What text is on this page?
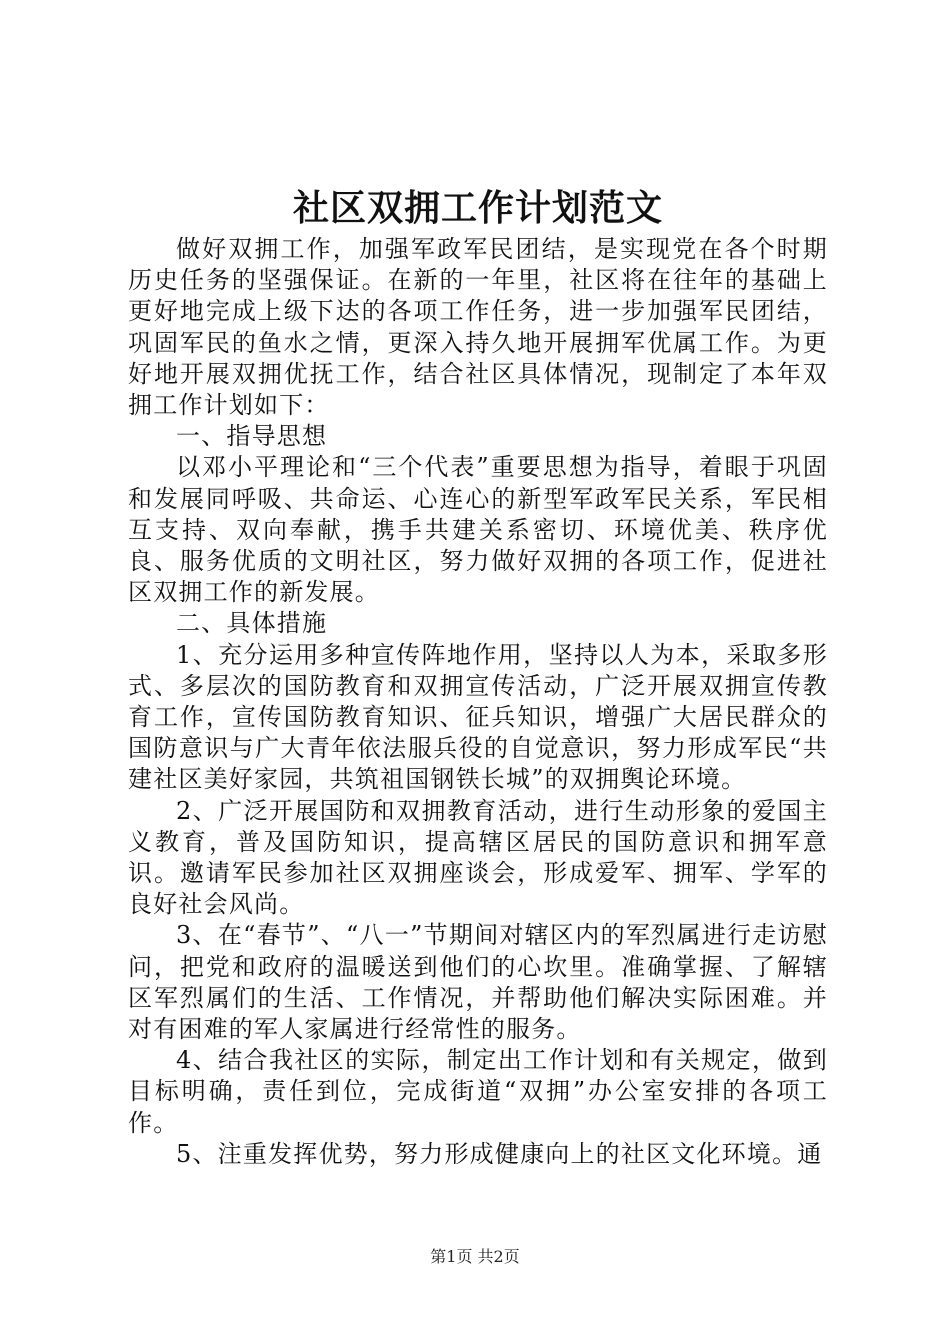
社区双拥工作计划范文

做好双拥工作，加强军政军民团结，是实现党在各个时期历史任务的坚强保证。在新的一年里，社区将在往年的基础上更好地完成上级下达的各项工作任务，进一步加强军民团结，巩固军民的鱼水之情，更深入持久地开展拥军优属工作。为更好地开展双拥优抚工作，结合社区具体情况，现制定了本年双拥工作计划如下：

一、指导思想

以邓小平理论和“三个代表”重要思想为指导，着眼于巩固和发展同呼吸、共命运、心连心的新型军政军民关系，军民相互支持、双向奉献，携手共建关系密切、环境优美、秩序优良、服务优质的文明社区，努力做好双拥的各项工作，促进社区双拥工作的新发展。

二、具体措施

1、充分运用多种宣传阵地作用，坚持以人为本，采取多形式、多层次的国防教育和双拥宣传活动，广泛开展双拥宣传教育工作，宣传国防教育知识、征兵知识，增强广大居民群众的国防意识与广大青年依法服兵役的自觉意识，努力形成军民“共建社区美好家园，共筑祖国钢铁长城”的双拥舆论环境。

2、广泛开展国防和双拥教育活动，进行生动形象的爱国主义教育，普及国防知识，提高辖区居民的国防意识和拥军意识。邀请军民参加社区双拥座谈会，形成爱军、拥军、学军的良好社会风尚。

3、在“春节”、“八一”节期间对辖区内的军烈属进行走访慰问，把党和政府的温暖送到他们的心坎里。准确掌握、了解辖区军烈属们的生活、工作情况，并帮助他们解决实际困难。并对有困难的军人家属进行经常性的服务。

4、结合我社区的实际，制定出工作计划和有关规定，做到目标明确，责任到位，完成街道“双拥”办公室安排的各项工作。

5、注重发挥优势，努力形成健康向上的社区文化环境。通

第1页 共2页
